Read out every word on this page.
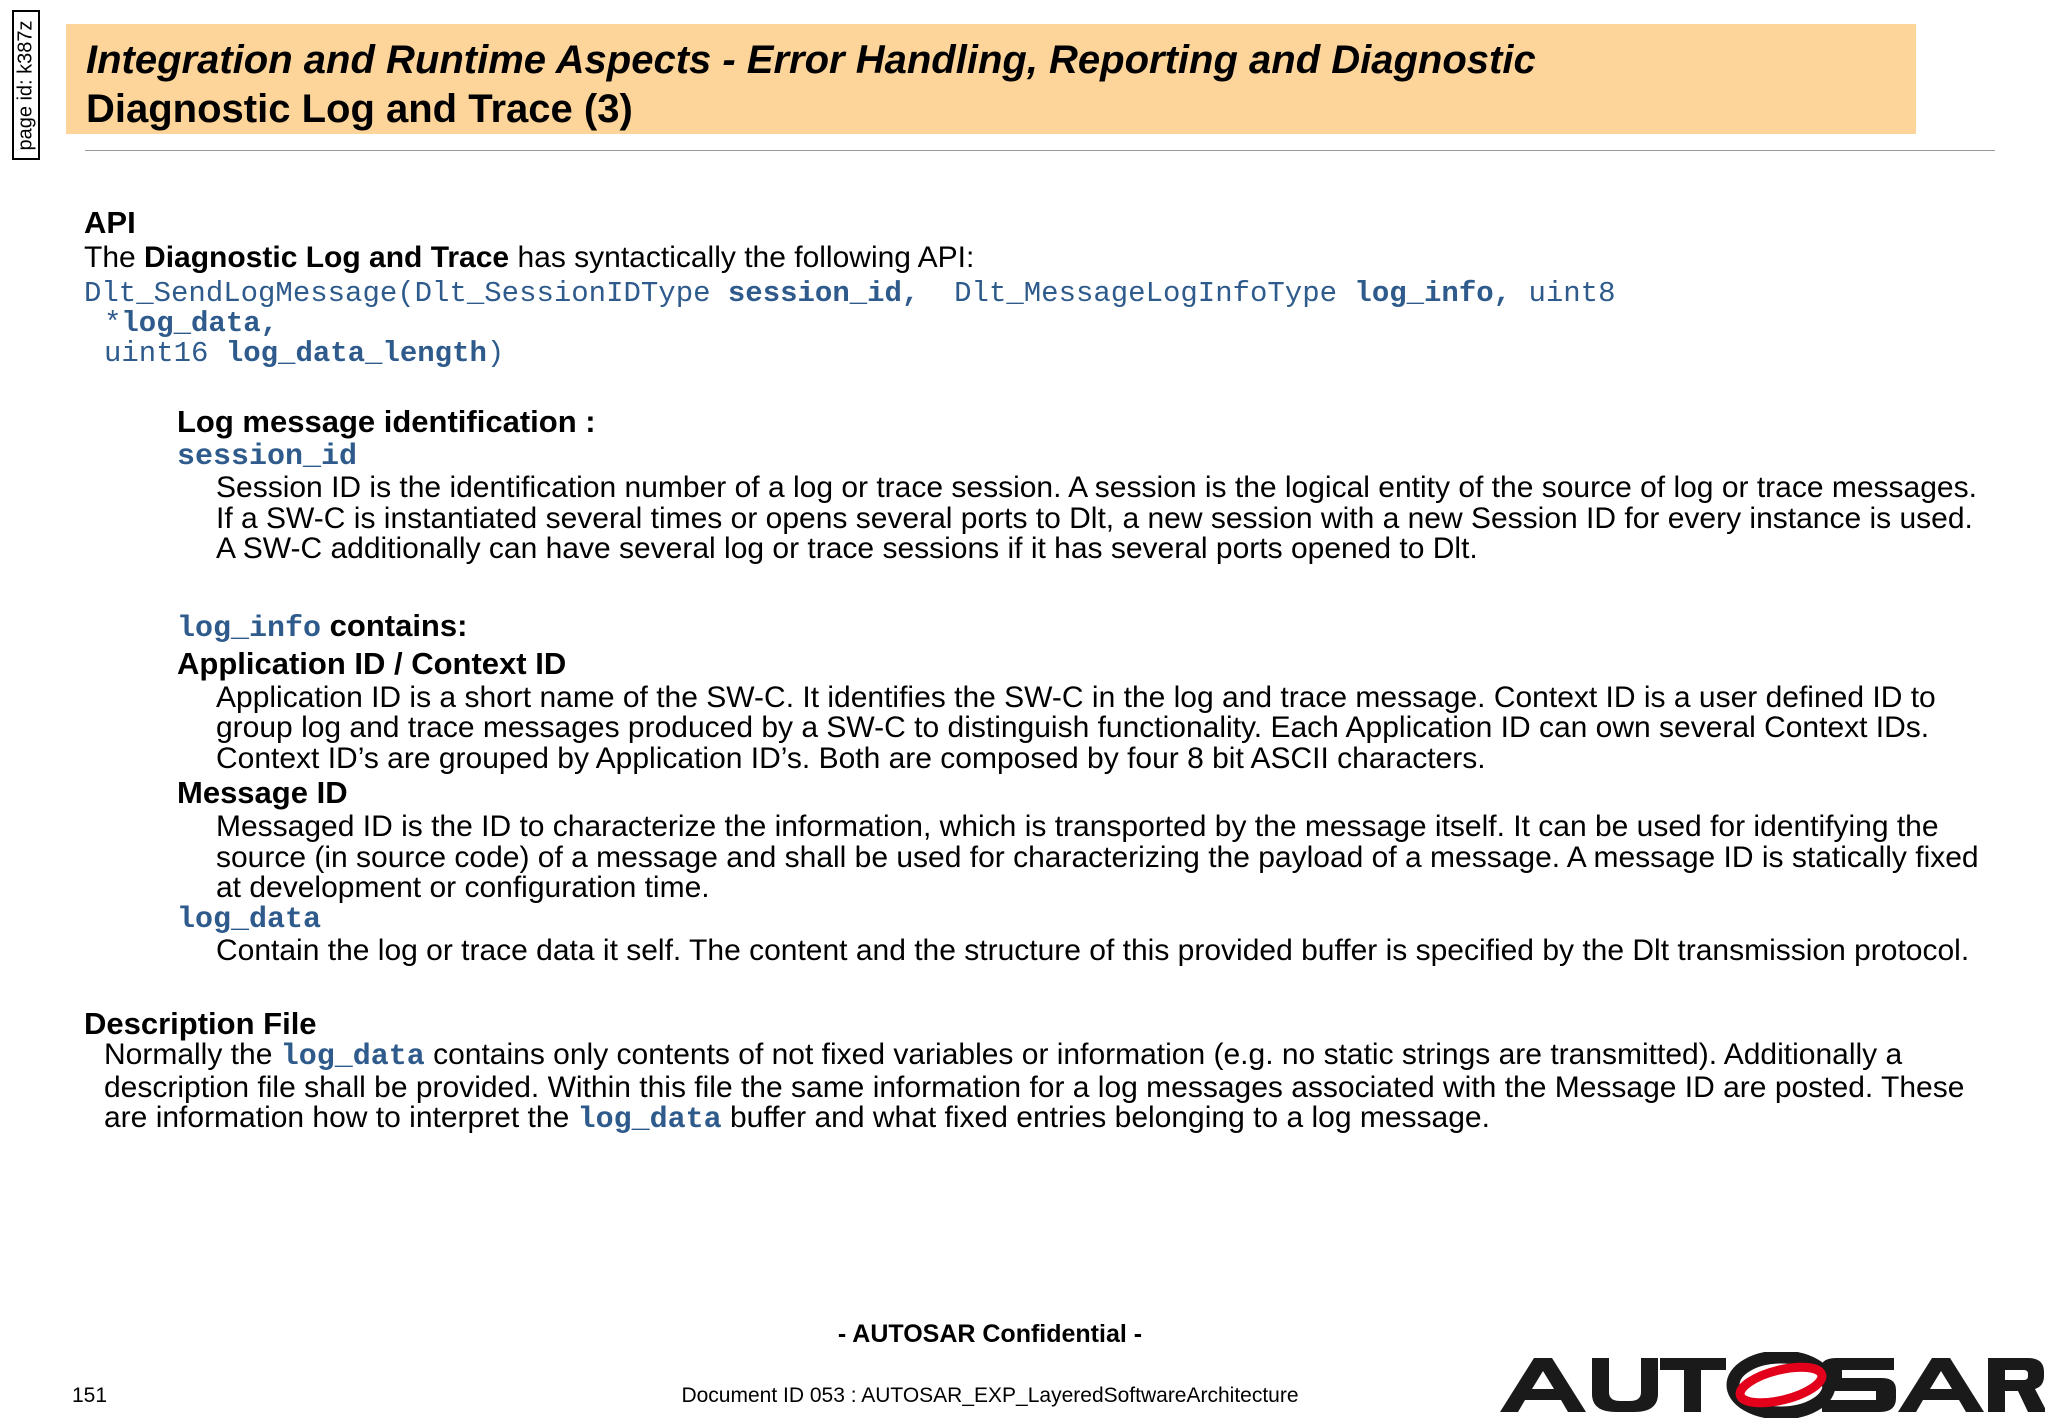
page id: k387z Integration and Runtime Aspects - Error Handling, Reporting and Diagnostic
Diagnostic Log and Trace (3)
API
The Diagnostic Log and Trace has syntactically the following API:
Dlt_SendLogMessage(Dlt_SessionIDType session_id,  Dlt_MessageLogInfoType log_info, uint8
*log_data,
uint16 log_data_length)
Log message identification :
session_id
Session ID is the identification number of a log or trace session. A session is the logical entity of the source of log or trace messages. If a SW-C is instantiated several times or opens several ports to Dlt, a new session with a new Session ID for every instance is used. A SW-C additionally can have several log or trace sessions if it has several ports opened to Dlt.
log_info contains:
Application ID / Context ID
Application ID is a short name of the SW-C. It identifies the SW-C in the log and trace message. Context ID is a user defined ID to group log and trace messages produced by a SW-C to distinguish functionality. Each Application ID can own several Context IDs. Context ID’s are grouped by Application ID’s. Both are composed by four 8 bit ASCII characters.
Message ID
Messaged ID is the ID to characterize the information, which is transported by the message itself. It can be used for identifying the source (in source code) of a message and shall be used for characterizing the payload of a message. A message ID is statically fixed at development or configuration time.
log_data
Contain the log or trace data it self. The content and the structure of this provided buffer is specified by the Dlt transmission protocol.
Description File
Normally the log_data contains only contents of not fixed variables or information (e.g. no static strings are transmitted). Additionally a description file shall be provided. Within this file the same information for a log messages associated with the Message ID are posted. These are information how to interpret the log_data buffer and what fixed entries belonging to a log message.
- AUTOSAR Confidential -
151	Document ID 053 : AUTOSAR_EXP_LayeredSoftwareArchitecture
